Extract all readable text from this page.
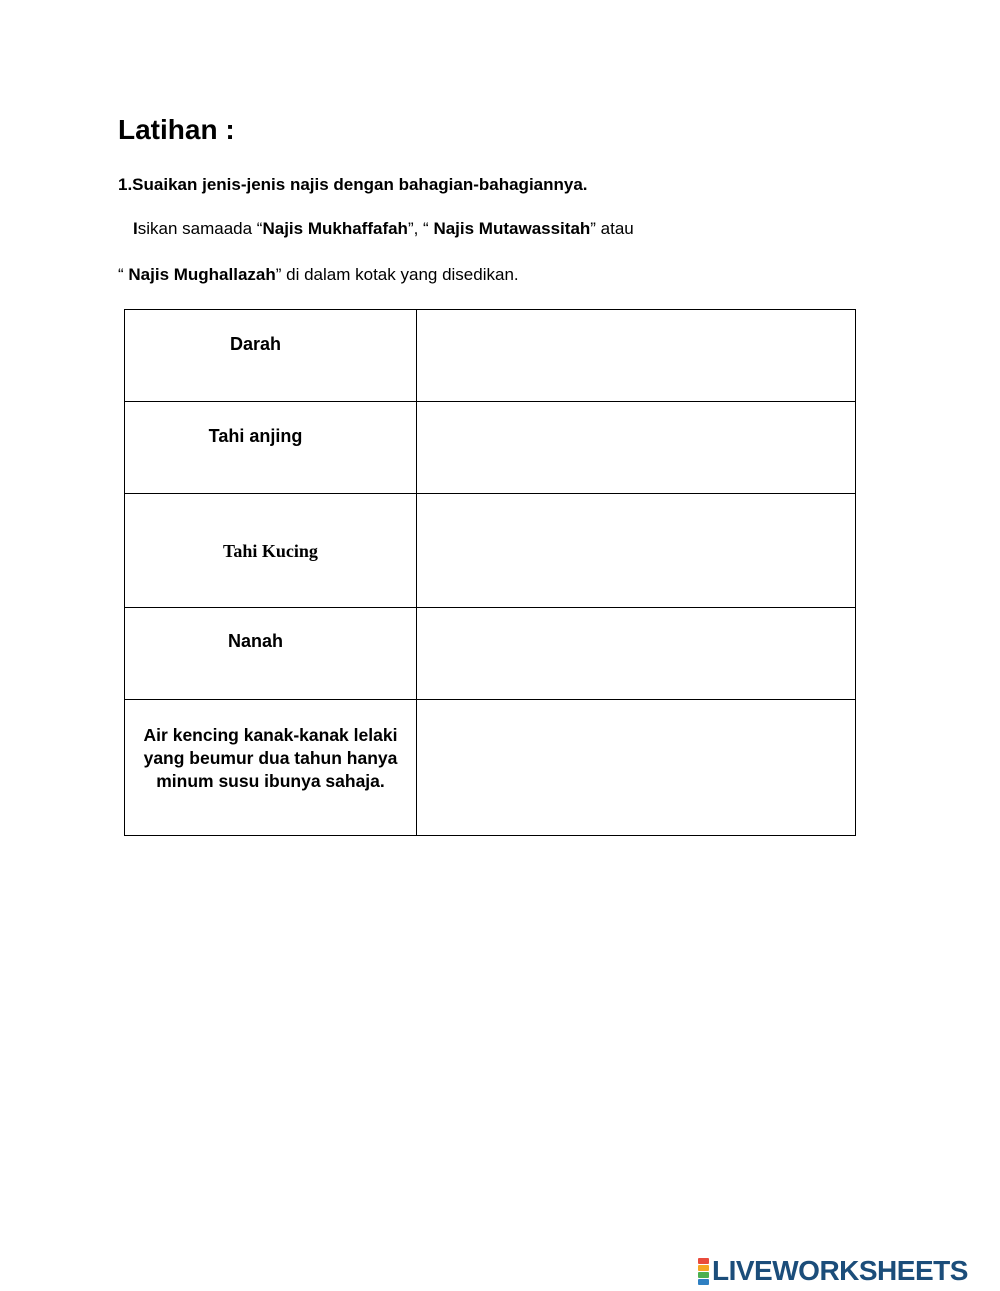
Latihan :
1.Suaikan jenis-jenis najis dengan bahagian-bahagiannya.
Isikan samaada “Najis Mukhaffafah”, “ Najis Mutawassitah” atau
“ Najis Mughallazah” di dalam kotak yang disedikan.
Darah

Tahi anjing

Tahi Kucing

Nanah

Air kencing kanak-kanak lelaki yang beumur dua tahun hanya minum susu ibunya sahaja.

LIVEWORKSHEETS
